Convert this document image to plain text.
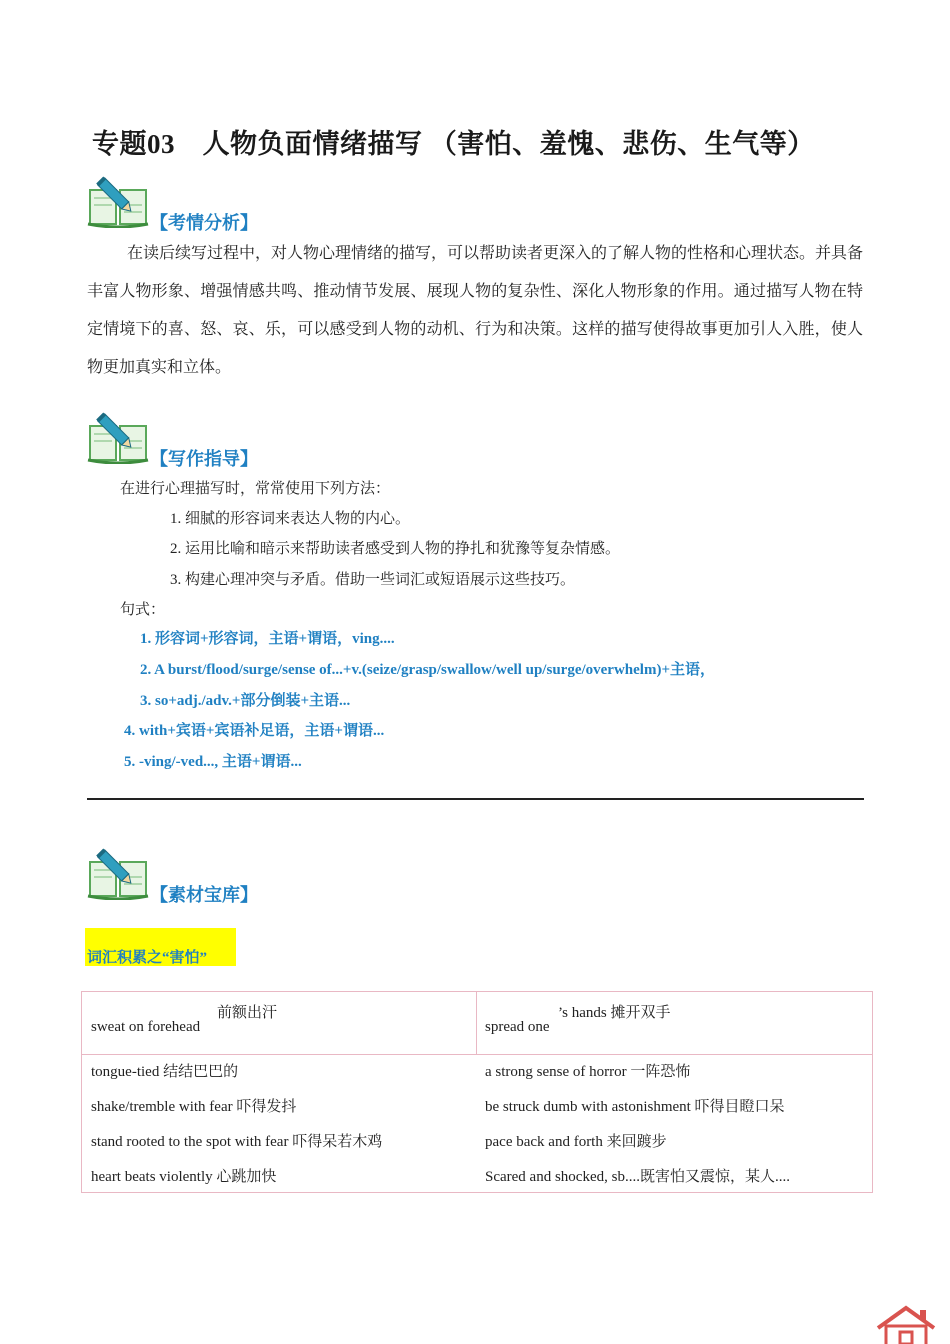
专题03　人物负面情绪描写 （害怕、羞愧、悲伤、生气等）
【考情分析】
在读后续写过程中，对人物心理情绪的描写，可以帮助读者更深入的了解人物的性格和心理状态。并具备丰富人物形象、增强情感共鸣、推动情节发展、展现人物的复杂性、深化人物形象的作用。通过描写人物在特定情境下的喜、怒、哀、乐，可以感受到人物的动机、行为和决策。这样的描写使得故事更加引人入胜，使人物更加真实和立体。
【写作指导】
在进行心理描写时，常常使用下列方法：
1. 细腻的形容词来表达人物的内心。
2. 运用比喻和暗示来帮助读者感受到人物的挣扎和犹豫等复杂情感。
3. 构建心理冲突与矛盾。借助一些词汇或短语展示这些技巧。
句式：
1. 形容词+形容词，主语+谓语，ving....
2. A burst/flood/surge/sense of...+v.(seize/grasp/swallow/well up/surge/overwhelm)+主语，
3. so+adj./adv.+部分倒装+主语...
4. with+宾语+宾语补足语，主语+谓语...
5. -ving/-ved..., 主语+谓语...
【素材宝库】
词汇积累之“害怕”
前额出汗
sweat on forehead
’s hands 摊开双手
spread one
tongue-tied 结结巴巴的
shake/tremble with fear 吓得发抖
stand rooted to the spot with fear 吓得呆若木鸡
heart beats violently 心跳加快
a strong sense of horror 一阵恐怖
be struck dumb with astonishment 吓得目瞪口呆
pace back and forth 来回踱步
Scared and shocked, sb....既害怕又震惊，某人....
